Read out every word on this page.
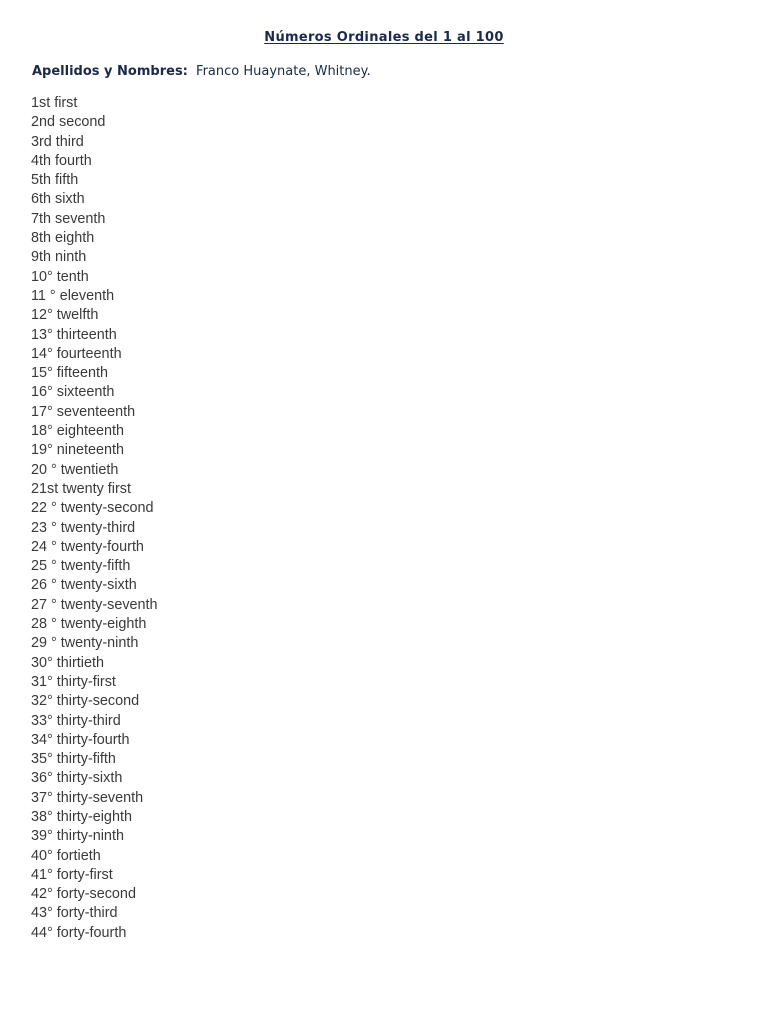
Números Ordinales del 1 al 100
Apellidos y Nombres: Franco Huaynate, Whitney.
1st first
2nd second
3rd third
4th fourth
5th fifth
6th sixth
7th seventh
8th eighth
9th ninth
10° tenth
11 ° eleventh
12° twelfth
13° thirteenth
14° fourteenth
15° fifteenth
16° sixteenth
17° seventeenth
18° eighteenth
19° nineteenth
20 ° twentieth
21st twenty first
22 ° twenty-second
23 ° twenty-third
24 ° twenty-fourth
25 ° twenty-fifth
26 ° twenty-sixth
27 ° twenty-seventh
28 ° twenty-eighth
29 ° twenty-ninth
30° thirtieth
31° thirty-first
32° thirty-second
33° thirty-third
34° thirty-fourth
35° thirty-fifth
36° thirty-sixth
37° thirty-seventh
38° thirty-eighth
39° thirty-ninth
40° fortieth
41° forty-first
42° forty-second
43° forty-third
44° forty-fourth
